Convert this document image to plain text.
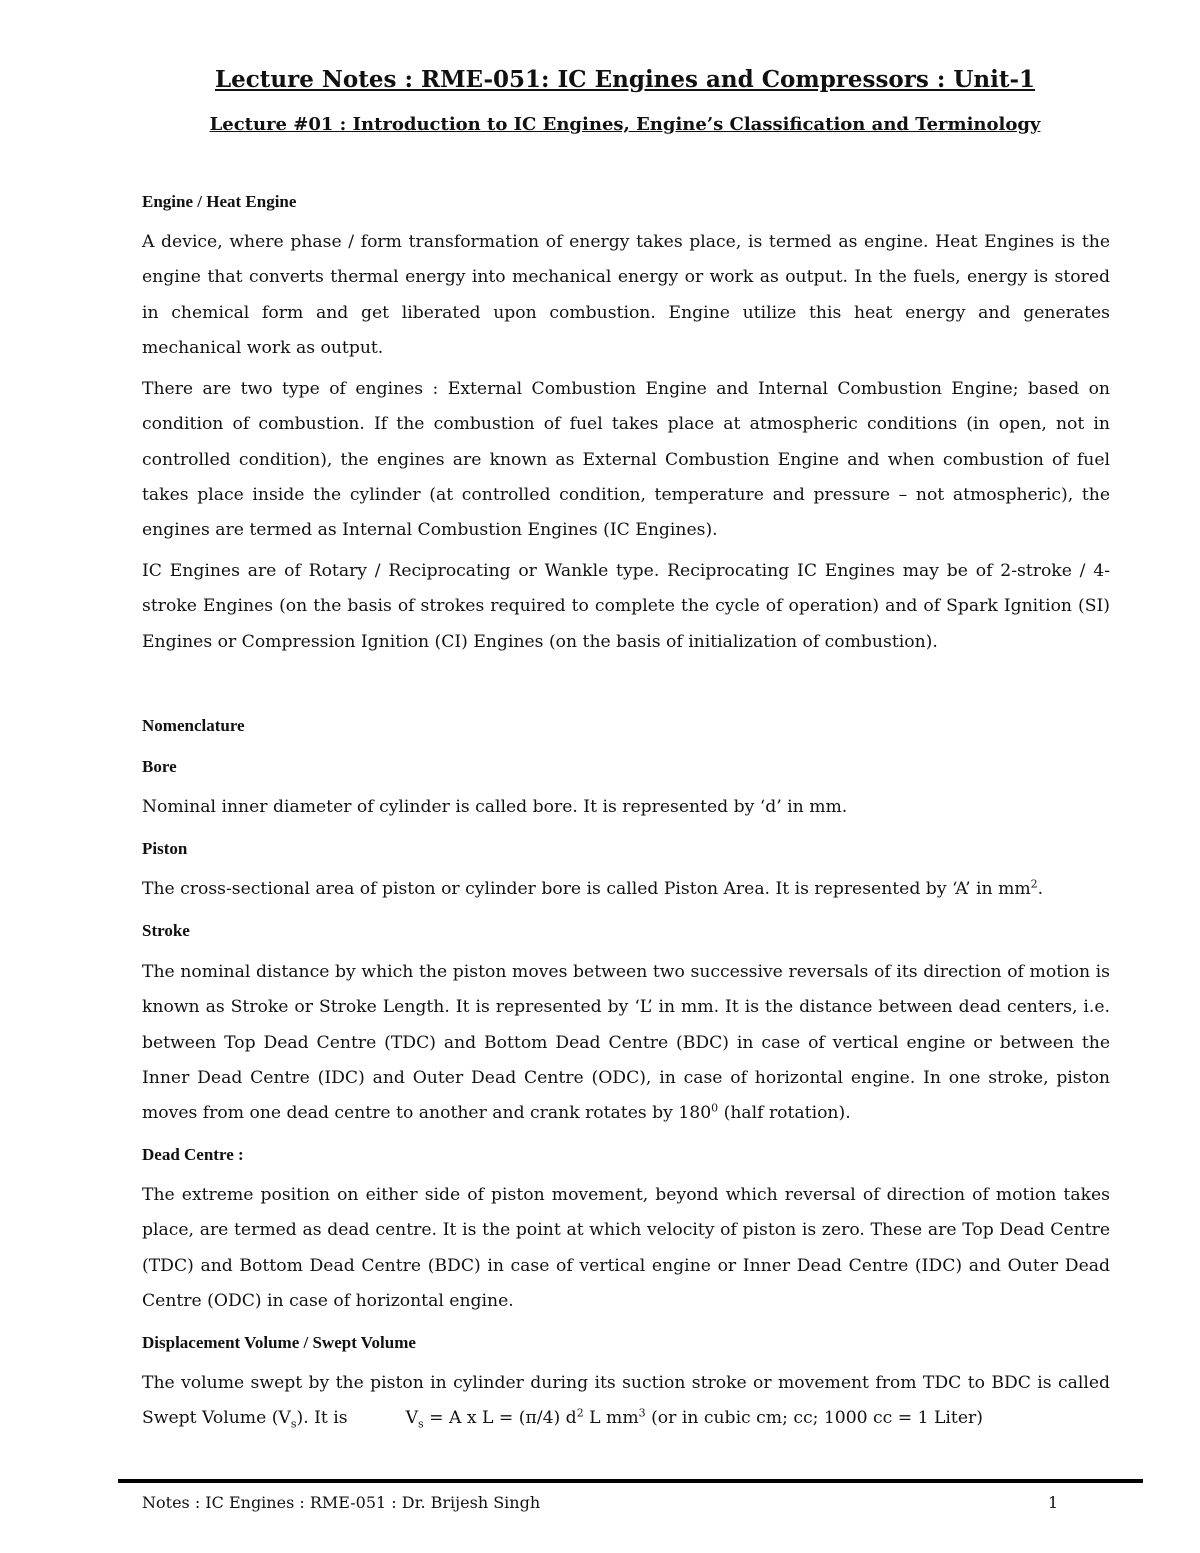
Lecture Notes : RME-051: IC Engines and Compressors : Unit-1
Lecture #01 : Introduction to IC Engines, Engine’s Classification and Terminology
Engine / Heat Engine

A device, where phase / form transformation of energy takes place, is termed as engine. Heat Engines is the engine that converts thermal energy into mechanical energy or work as output. In the fuels, energy is stored in chemical form and get liberated upon combustion. Engine utilize this heat energy and generates mechanical work as output.

There are two type of engines : External Combustion Engine and Internal Combustion Engine; based on condition of combustion. If the combustion of fuel takes place at atmospheric conditions (in open, not in controlled condition), the engines are known as External Combustion Engine and when combustion of fuel takes place inside the cylinder (at controlled condition, temperature and pressure – not atmospheric), the engines are termed as Internal Combustion Engines (IC Engines).

IC Engines are of Rotary / Reciprocating or Wankle type. Reciprocating IC Engines may be of 2-stroke / 4-stroke Engines (on the basis of strokes required to complete the cycle of operation) and of Spark Ignition (SI) Engines or Compression Ignition (CI) Engines (on the basis of initialization of combustion).

Nomenclature
Bore

Nominal inner diameter of cylinder is called bore. It is represented by ‘d’ in mm.

Piston

The cross-sectional area of piston or cylinder bore is called Piston Area. It is represented by ‘A’ in $mm^2$.

Stroke

The nominal distance by which the piston moves between two successive reversals of its direction of motion is known as Stroke or Stroke Length. It is represented by ‘L’ in mm. It is the distance between dead centers, i.e. between Top Dead Centre (TDC) and Bottom Dead Centre (BDC) in case of vertical engine or between the Inner Dead Centre (IDC) and Outer Dead Centre (ODC), in case of horizontal engine. In one stroke, piston moves from one dead centre to another and crank rotates by $180^0$ (half rotation).

Dead Centre :

The extreme position on either side of piston movement, beyond which reversal of direction of motion takes place, are termed as dead centre. It is the point at which velocity of piston is zero. These are Top Dead Centre (TDC) and Bottom Dead Centre (BDC) in case of vertical engine or Inner Dead Centre (IDC) and Outer Dead Centre (ODC) in case of horizontal engine.

Displacement Volume / Swept Volume

The volume swept by the piston in cylinder during its suction stroke or movement from TDC to BDC is called Swept Volume $(V_s)$. It is	$V_s = A$ x L = (π/4) $d^2$ L $mm^3$ (or in cubic cm; cc; 1000 cc = 1 Liter)

Notes : IC Engines : RME-051 : Dr. Brijesh Singh	1
